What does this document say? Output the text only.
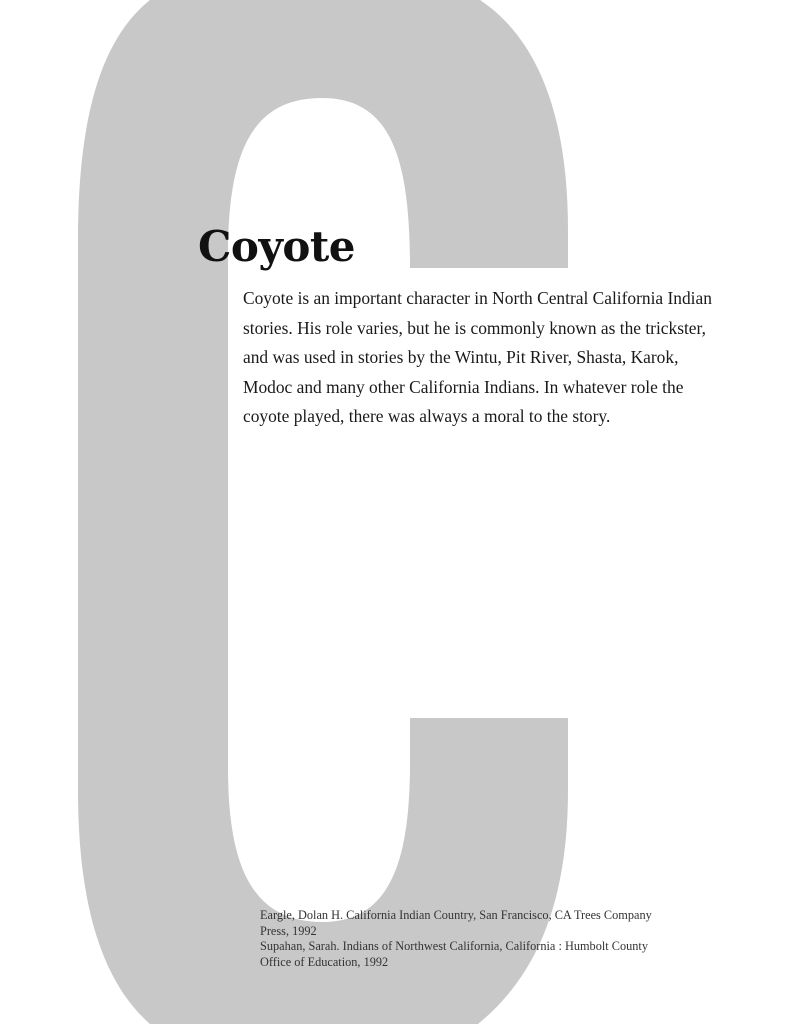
Coyote

Coyote is an important character in North Central California Indian stories. His role varies, but he is commonly known as the trickster, and was used in stories by the Wintu, Pit River, Shasta, Karok, Modoc and many other California Indians. In whatever role the coyote played, there was always a moral to the story.

Eargle, Dolan H. California Indian Country, San Francisco, CA Trees Company Press, 1992
Supahan, Sarah. Indians of Northwest California, California : Humbolt County Office of Education, 1992
